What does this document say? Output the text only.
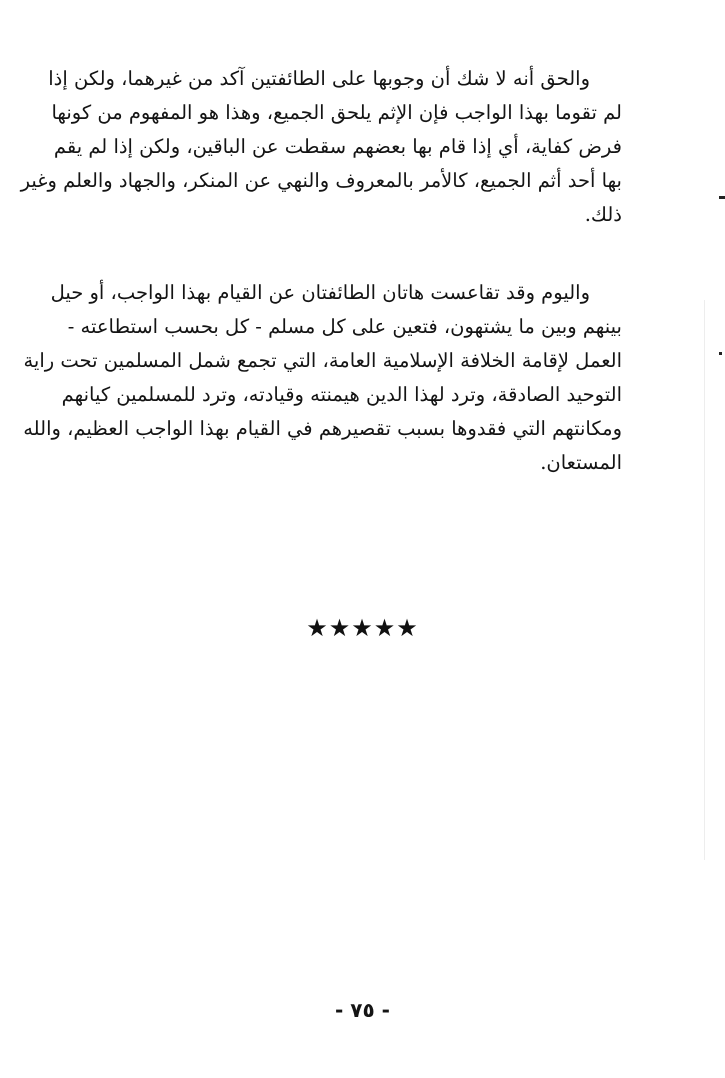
والحق أنه لا شك أن وجوبها على الطائفتين آكد من غيرهما، ولكن إذا
لم تقوما بهذا الواجب فإن الإثم يلحق الجميع، وهذا هو المفهوم من كونها
فرض كفاية، أي إذا قام بها بعضهم سقطت عن الباقين، ولكن إذا لم يقم
بها أحد أثم الجميع، كالأمر بالمعروف والنهي عن المنكر، والجهاد والعلم وغير
ذلك.
واليوم وقد تقاعست هاتان الطائفتان عن القيام بهذا الواجب، أو حيل
بينهم وبين ما يشتهون، فتعين على كل مسلم - كل بحسب استطاعته -
العمل لإقامة الخلافة الإسلامية العامة، التي تجمع شمل المسلمين تحت راية
التوحيد الصادقة، وترد لهذا الدين هيمنته وقيادته، وترد للمسلمين كيانهم
ومكانتهم التي فقدوها بسبب تقصيرهم في القيام بهذا الواجب العظيم، والله
المستعان.
★★★★★
- ٧٥ -
